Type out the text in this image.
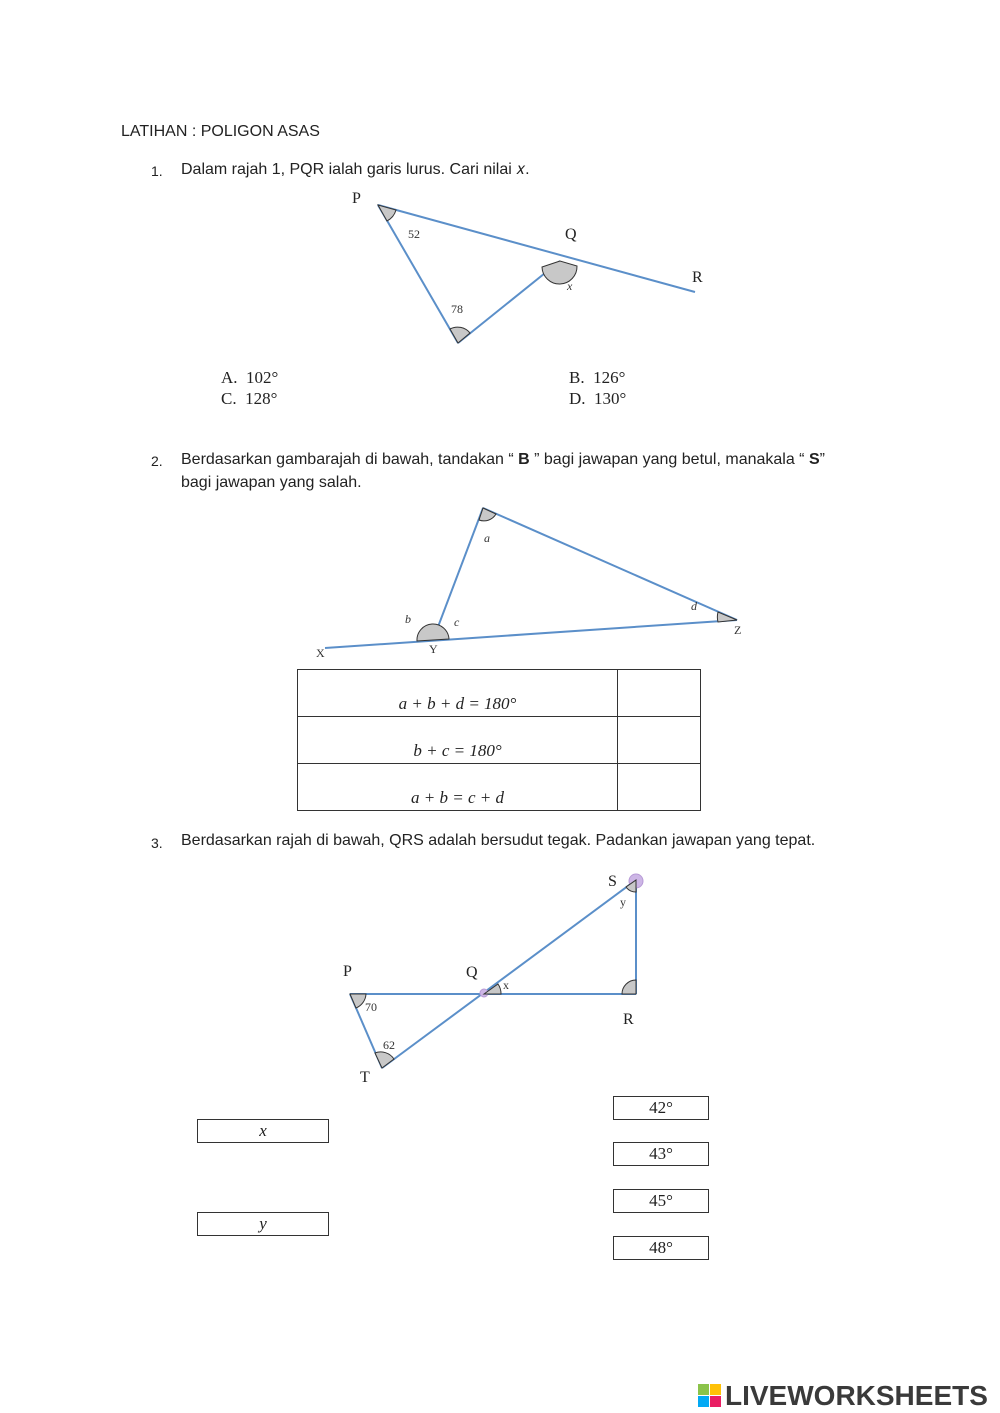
LATIHAN : POLIGON ASAS
1. Dalam rajah 1, PQR ialah garis lurus. Cari nilai 𝑥.
P
Q
R
52
78
x
A. 102°	B. 126°
C. 128°	D. 130°
2. Berdasarkan gambarajah di bawah, tandakan “ B ” bagi jawapan yang betul, manakala “ S”
bagi jawapan yang salah.
X	Y
Z
a
b	c
d
a + b + d = 180°	
b + c = 180°	
a + b = c + d	
3. Berdasarkan rajah di bawah, QRS adalah bersudut tegak. Padankan jawapan yang tepat.
S
P	Q
R
T
y
x
70
62
x
y
42°
43°
45°
48°
LIVEWORKSHEETS
